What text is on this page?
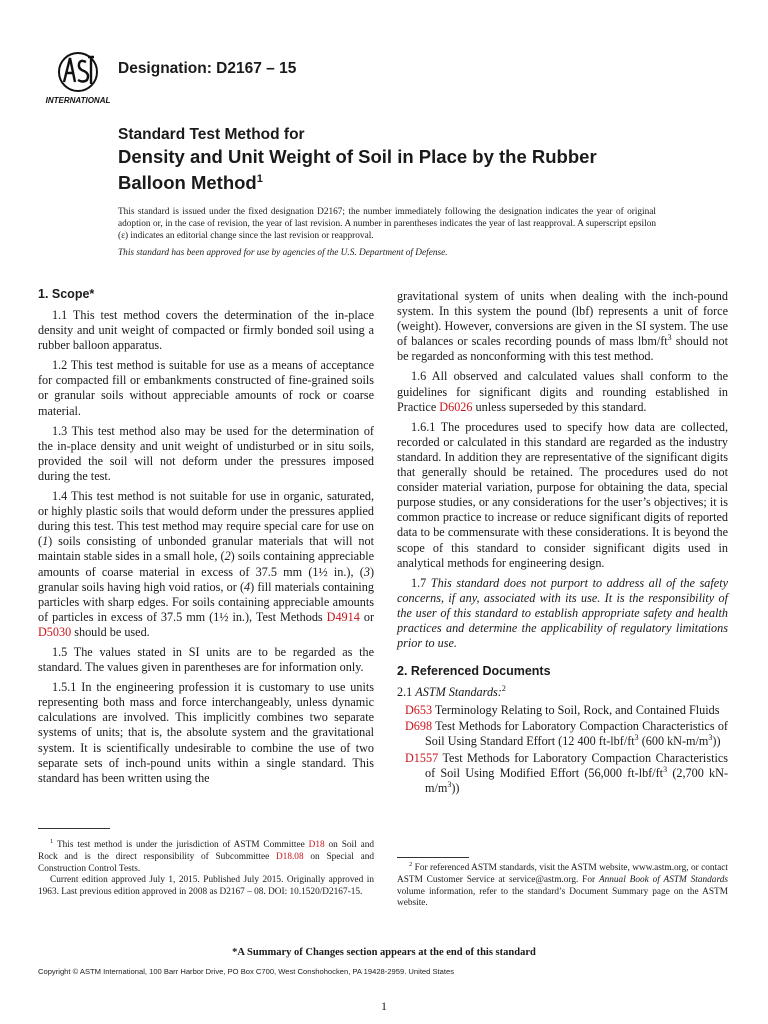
INTERNATIONAL
Designation: D2167 – 15
Standard Test Method for
Density and Unit Weight of Soil in Place by the Rubber Balloon Method$^1$
This standard is issued under the fixed designation D2167; the number immediately following the designation indicates the year of original adoption or, in the case of revision, the year of last revision. A number in parentheses indicates the year of last reapproval. A superscript epsilon (ε) indicates an editorial change since the last revision or reapproval.
This standard has been approved for use by agencies of the U.S. Department of Defense.
1. Scope*

1.1 This test method covers the determination of the in-place density and unit weight of compacted or firmly bonded soil using a rubber balloon apparatus.

1.2 This test method is suitable for use as a means of acceptance for compacted fill or embankments constructed of fine-grained soils or granular soils without appreciable amounts of rock or coarse material.

1.3 This test method also may be used for the determination of the in-place density and unit weight of undisturbed or in situ soils, provided the soil will not deform under the pressures imposed during the test.

1.4 This test method is not suitable for use in organic, saturated, or highly plastic soils that would deform under the pressures applied during this test. This test method may require special care for use on (1) soils consisting of unbonded granular materials that will not maintain stable sides in a small hole, (2) soils containing appreciable amounts of coarse material in excess of 37.5 mm (1½ in.), (3) granular soils having high void ratios, or (4) fill materials containing particles with sharp edges. For soils containing appreciable amounts of particles in excess of 37.5 mm (1½ in.), Test Methods D4914 or D5030 should be used.

1.5 The values stated in SI units are to be regarded as the standard. The values given in parentheses are for information only.

1.5.1 In the engineering profession it is customary to use units representing both mass and force interchangeably, unless dynamic calculations are involved. This implicitly combines two separate systems of units; that is, the absolute system and the gravitational system. It is scientifically undesirable to combine the use of two separate sets of inch-pound units within a single standard. This standard has been written using the

gravitational system of units when dealing with the inch-pound system. In this system the pound (lbf) represents a unit of force (weight). However, conversions are given in the SI system. The use of balances or scales recording pounds of mass lbm/$ft^3$ should not be regarded as nonconforming with this test method.

1.6 All observed and calculated values shall conform to the guidelines for significant digits and rounding established in Practice D6026 unless superseded by this standard.

1.6.1 The procedures used to specify how data are collected, recorded or calculated in this standard are regarded as the industry standard. In addition they are representative of the significant digits that generally should be retained. The procedures used do not consider material variation, purpose for obtaining the data, special purpose studies, or any considerations for the user’s objectives; it is common practice to increase or reduce significant digits of reported data to be commensurate with these considerations. It is beyond the scope of this standard to consider significant digits used in analytical methods for engineering design.

1.7 This standard does not purport to address all of the safety concerns, if any, associated with its use. It is the responsibility of the user of this standard to establish appropriate safety and health practices and determine the applicability of regulatory limitations prior to use.

2. Referenced Documents

2.1 ASTM Standards:$^2$

D653 Terminology Relating to Soil, Rock, and Contained Fluids

D698 Test Methods for Laboratory Compaction Characteristics of Soil Using Standard Effort (12 400 $ft-lbf/ft^3$ (600 $kN-m/m^3$))

D1557 Test Methods for Laboratory Compaction Characteristics of Soil Using Modified Effort (56,000 $ft-lbf/ft^3$ (2,700 $kN-m/m^3$))

$^1$ This test method is under the jurisdiction of ASTM Committee D18 on Soil and Rock and is the direct responsibility of Subcommittee D18.08 on Special and Construction Control Tests.

Current edition approved July 1, 2015. Published July 2015. Originally approved in 1963. Last previous edition approved in 2008 as D2167 – 08. DOI: 10.1520/D2167-15.

$^2$ For referenced ASTM standards, visit the ASTM website, www.astm.org, or contact ASTM Customer Service at service@astm.org. For Annual Book of ASTM Standards volume information, refer to the standard’s Document Summary page on the ASTM website.

*A Summary of Changes section appears at the end of this standard
Copyright © ASTM International, 100 Barr Harbor Drive, PO Box C700, West Conshohocken, PA 19428-2959. United States
1
